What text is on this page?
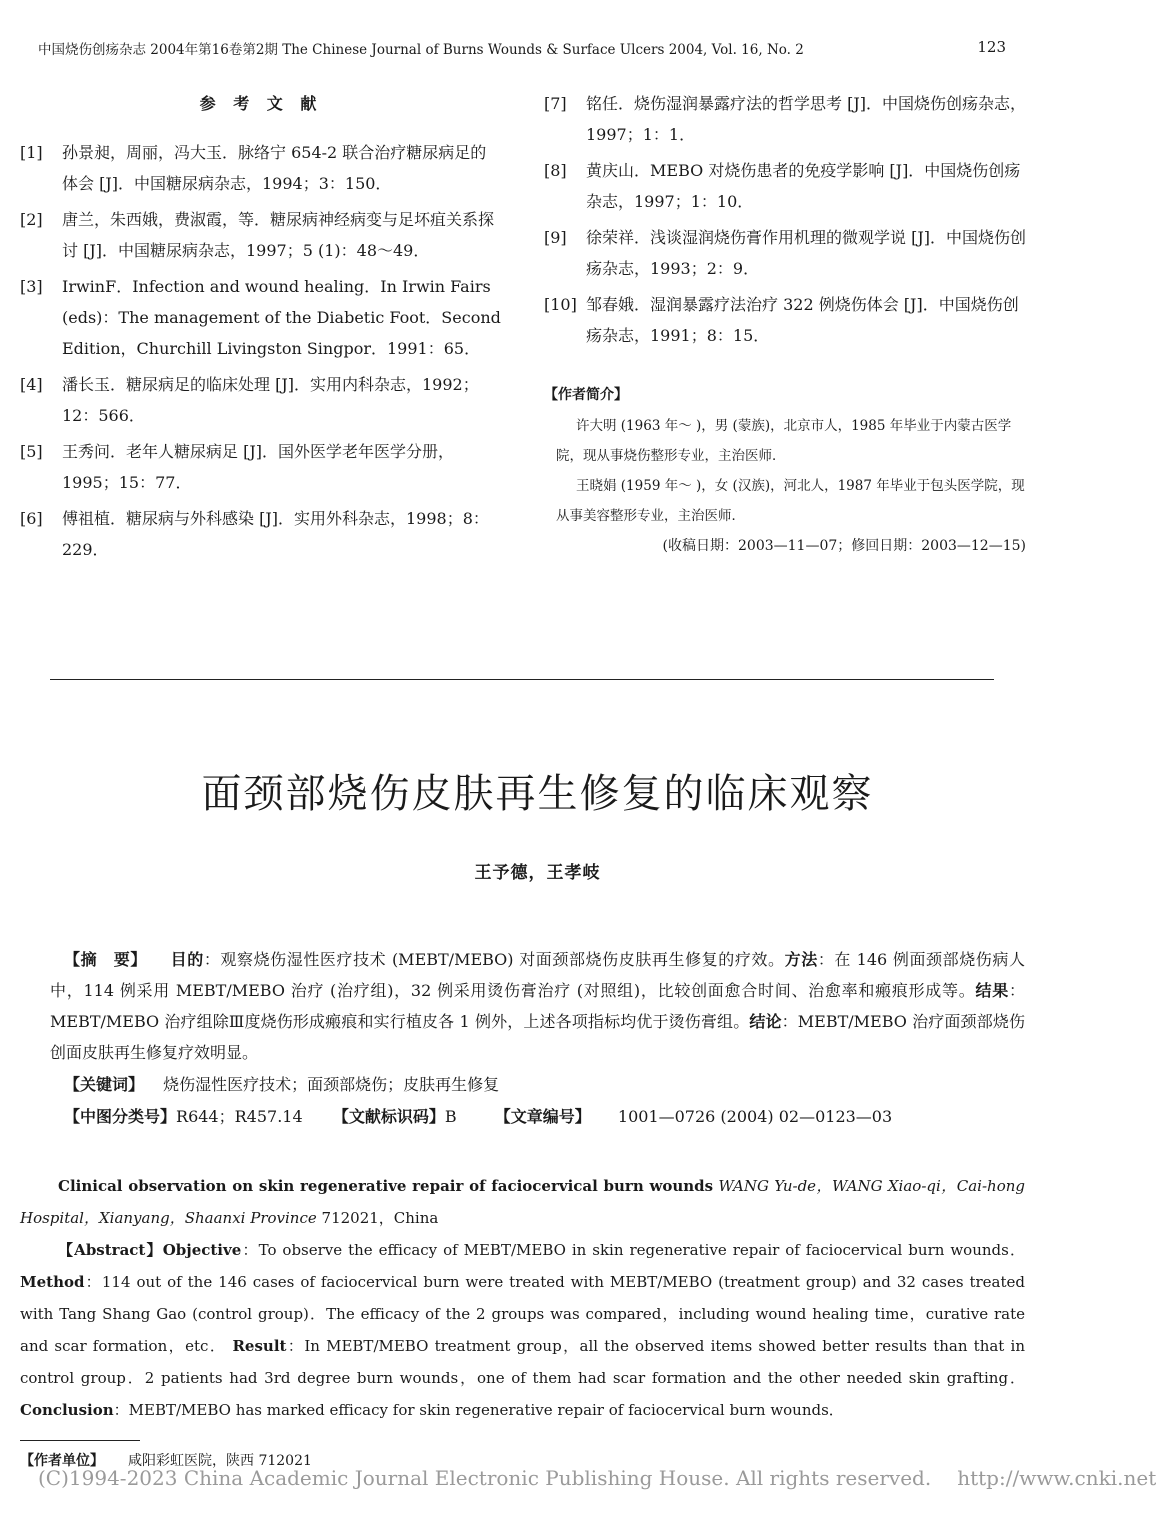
中国烧伤创疡杂志 2004年第16卷第2期 The Chinese Journal of Burns Wounds & Surface Ulcers 2004, Vol. 16, No. 2	123
参 考 文 献
[1] 孙景昶，周丽，冯大玉．脉络宁 654-2 联合治疗糖尿病足的体会 [J]．中国糖尿病杂志，1994；3：150．
[2] 唐兰，朱西娥，费淑霞，等．糖尿病神经病变与足坏疽关系探讨 [J]．中国糖尿病杂志，1997；5 (1)：48～49．
[3] IrwinF．Infection and wound healing．In Irwin Fairs (eds)：The management of the Diabetic Foot．Second Edition，Churchill Livingston Singpor．1991：65．
[4] 潘长玉．糖尿病足的临床处理 [J]．实用内科杂志，1992；12：566．
[5] 王秀问．老年人糖尿病足 [J]．国外医学老年医学分册，1995；15：77．
[6] 傅祖植．糖尿病与外科感染 [J]．实用外科杂志，1998；8：229．
[7] 铭任．烧伤湿润暴露疗法的哲学思考 [J]．中国烧伤创疡杂志，1997；1：1．
[8] 黄庆山．MEBO 对烧伤患者的免疫学影响 [J]．中国烧伤创疡杂志，1997；1：10．
[9] 徐荣祥．浅谈湿润烧伤膏作用机理的微观学说 [J]．中国烧伤创疡杂志，1993；2：9．
[10] 邹春娥．湿润暴露疗法治疗 322 例烧伤体会 [J]．中国烧伤创疡杂志，1991；8：15．
【作者简介】
许大明 (1963 年～ )，男 (蒙族)，北京市人，1985 年毕业于内蒙古医学院，现从事烧伤整形专业，主治医师．
王晓娟 (1959 年～ )，女 (汉族)，河北人，1987 年毕业于包头医学院，现从事美容整形专业，主治医师．
(收稿日期：2003—11—07；修回日期：2003—12—15)
面颈部烧伤皮肤再生修复的临床观察
王予德，王孝岐
【摘　要】 目的：观察烧伤湿性医疗技术 (MEBT/MEBO) 对面颈部烧伤皮肤再生修复的疗效。方法：在 146 例面颈部烧伤病人中，114 例采用 MEBT/MEBO 治疗 (治疗组)，32 例采用烫伤膏治疗 (对照组)，比较创面愈合时间、治愈率和瘢痕形成等。结果：MEBT/MEBO 治疗组除Ⅲ度烧伤形成瘢痕和实行植皮各 1 例外，上述各项指标均优于烫伤膏组。结论：MEBT/MEBO 治疗面颈部烧伤创面皮肤再生修复疗效明显。
【关键词】 烧伤湿性医疗技术；面颈部烧伤；皮肤再生修复
【中图分类号】R644；R457.14 【文献标识码】B 【文章编号】 1001—0726 (2004) 02—0123—03
Clinical observation on skin regenerative repair of faciocervical burn wounds WANG Yu-de，WANG Xiao-qi，Cai-hong Hospital，Xianyang，Shaanxi Province 712021，China
【Abstract】Objective：To observe the efficacy of MEBT/MEBO in skin regenerative repair of faciocervical burn wounds． Method：114 out of the 146 cases of faciocervical burn were treated with MEBT/MEBO (treatment group) and 32 cases treated with Tang Shang Gao (control group)．The efficacy of the 2 groups was compared，including wound healing time，curative rate and scar formation，etc． Result：In MEBT/MEBO treatment group，all the observed items showed better results than that in control group．2 patients had 3rd degree burn wounds，one of them had scar formation and the other needed skin grafting． Conclusion：MEBT/MEBO has marked efficacy for skin regenerative repair of faciocervical burn wounds．
【作者单位】 咸阳彩虹医院，陕西 712021
(C)1994-2023 China Academic Journal Electronic Publishing House. All rights reserved. http://www.cnki.net
